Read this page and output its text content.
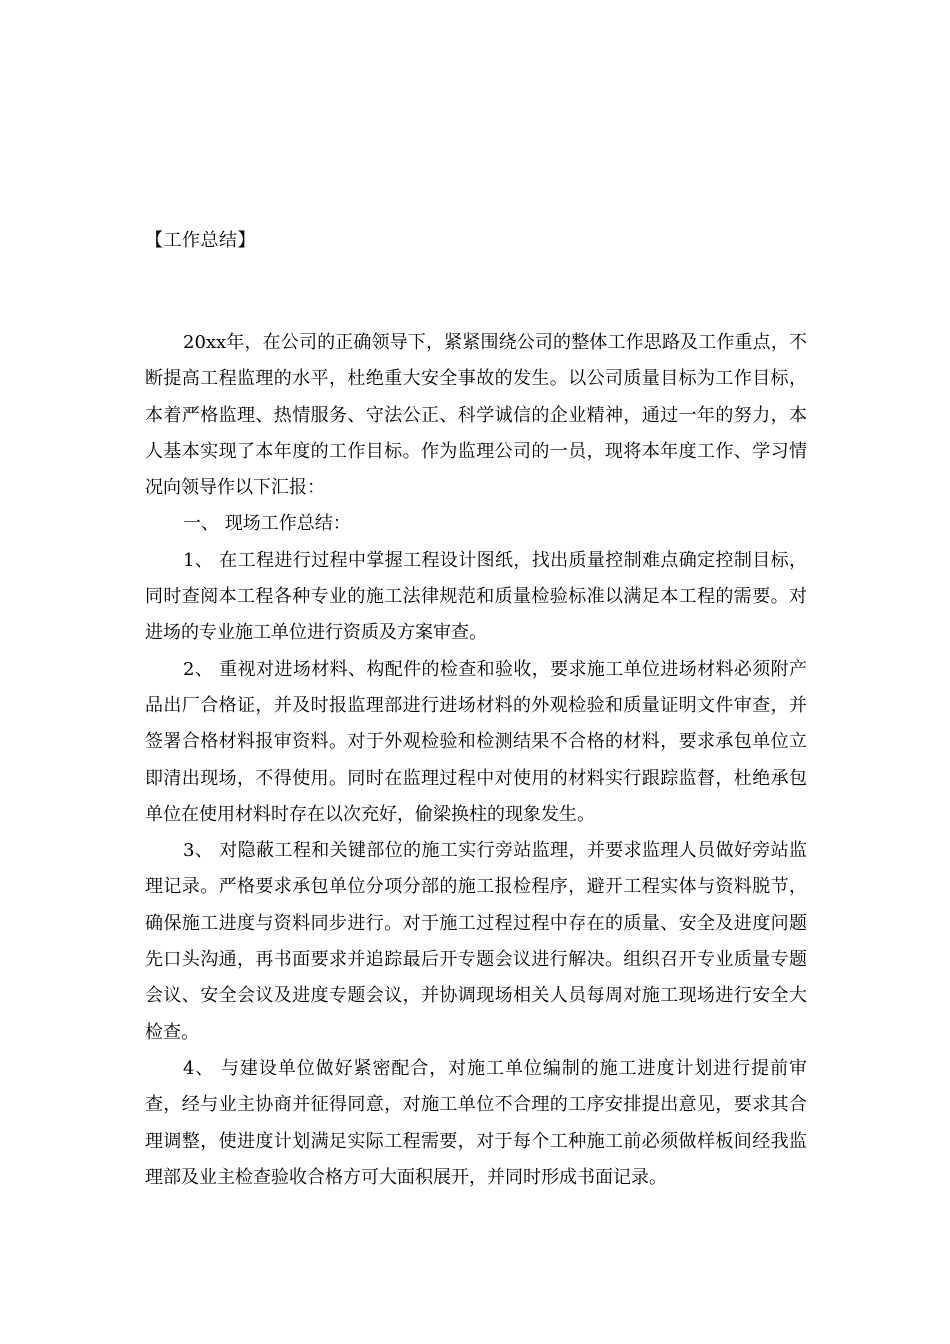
【工作总结】

20xx年，在公司的正确领导下，紧紧围绕公司的整体工作思路及工作重点，不断提高工程监理的水平，杜绝重大安全事故的发生。以公司质量目标为工作目标，本着严格监理、热情服务、守法公正、科学诚信的企业精神，通过一年的努力，本人基本实现了本年度的工作目标。作为监理公司的一员，现将本年度工作、学习情况向领导作以下汇报：

一、 现场工作总结：

1、 在工程进行过程中掌握工程设计图纸，找出质量控制难点确定控制目标，同时查阅本工程各种专业的施工法律规范和质量检验标准以满足本工程的需要。对进场的专业施工单位进行资质及方案审查。

2、 重视对进场材料、构配件的检查和验收，要求施工单位进场材料必须附产品出厂合格证，并及时报监理部进行进场材料的外观检验和质量证明文件审查，并签署合格材料报审资料。对于外观检验和检测结果不合格的材料，要求承包单位立即清出现场，不得使用。同时在监理过程中对使用的材料实行跟踪监督，杜绝承包单位在使用材料时存在以次充好，偷梁换柱的现象发生。

3、 对隐蔽工程和关键部位的施工实行旁站监理，并要求监理人员做好旁站监理记录。严格要求承包单位分项分部的施工报检程序，避开工程实体与资料脱节，确保施工进度与资料同步进行。对于施工过程过程中存在的质量、安全及进度问题先口头沟通，再书面要求并追踪最后开专题会议进行解决。组织召开专业质量专题会议、安全会议及进度专题会议，并协调现场相关人员每周对施工现场进行安全大检查。

4、 与建设单位做好紧密配合，对施工单位编制的施工进度计划进行提前审查，经与业主协商并征得同意，对施工单位不合理的工序安排提出意见，要求其合理调整，使进度计划满足实际工程需要，对于每个工种施工前必须做样板间经我监理部及业主检查验收合格方可大面积展开，并同时形成书面记录。
